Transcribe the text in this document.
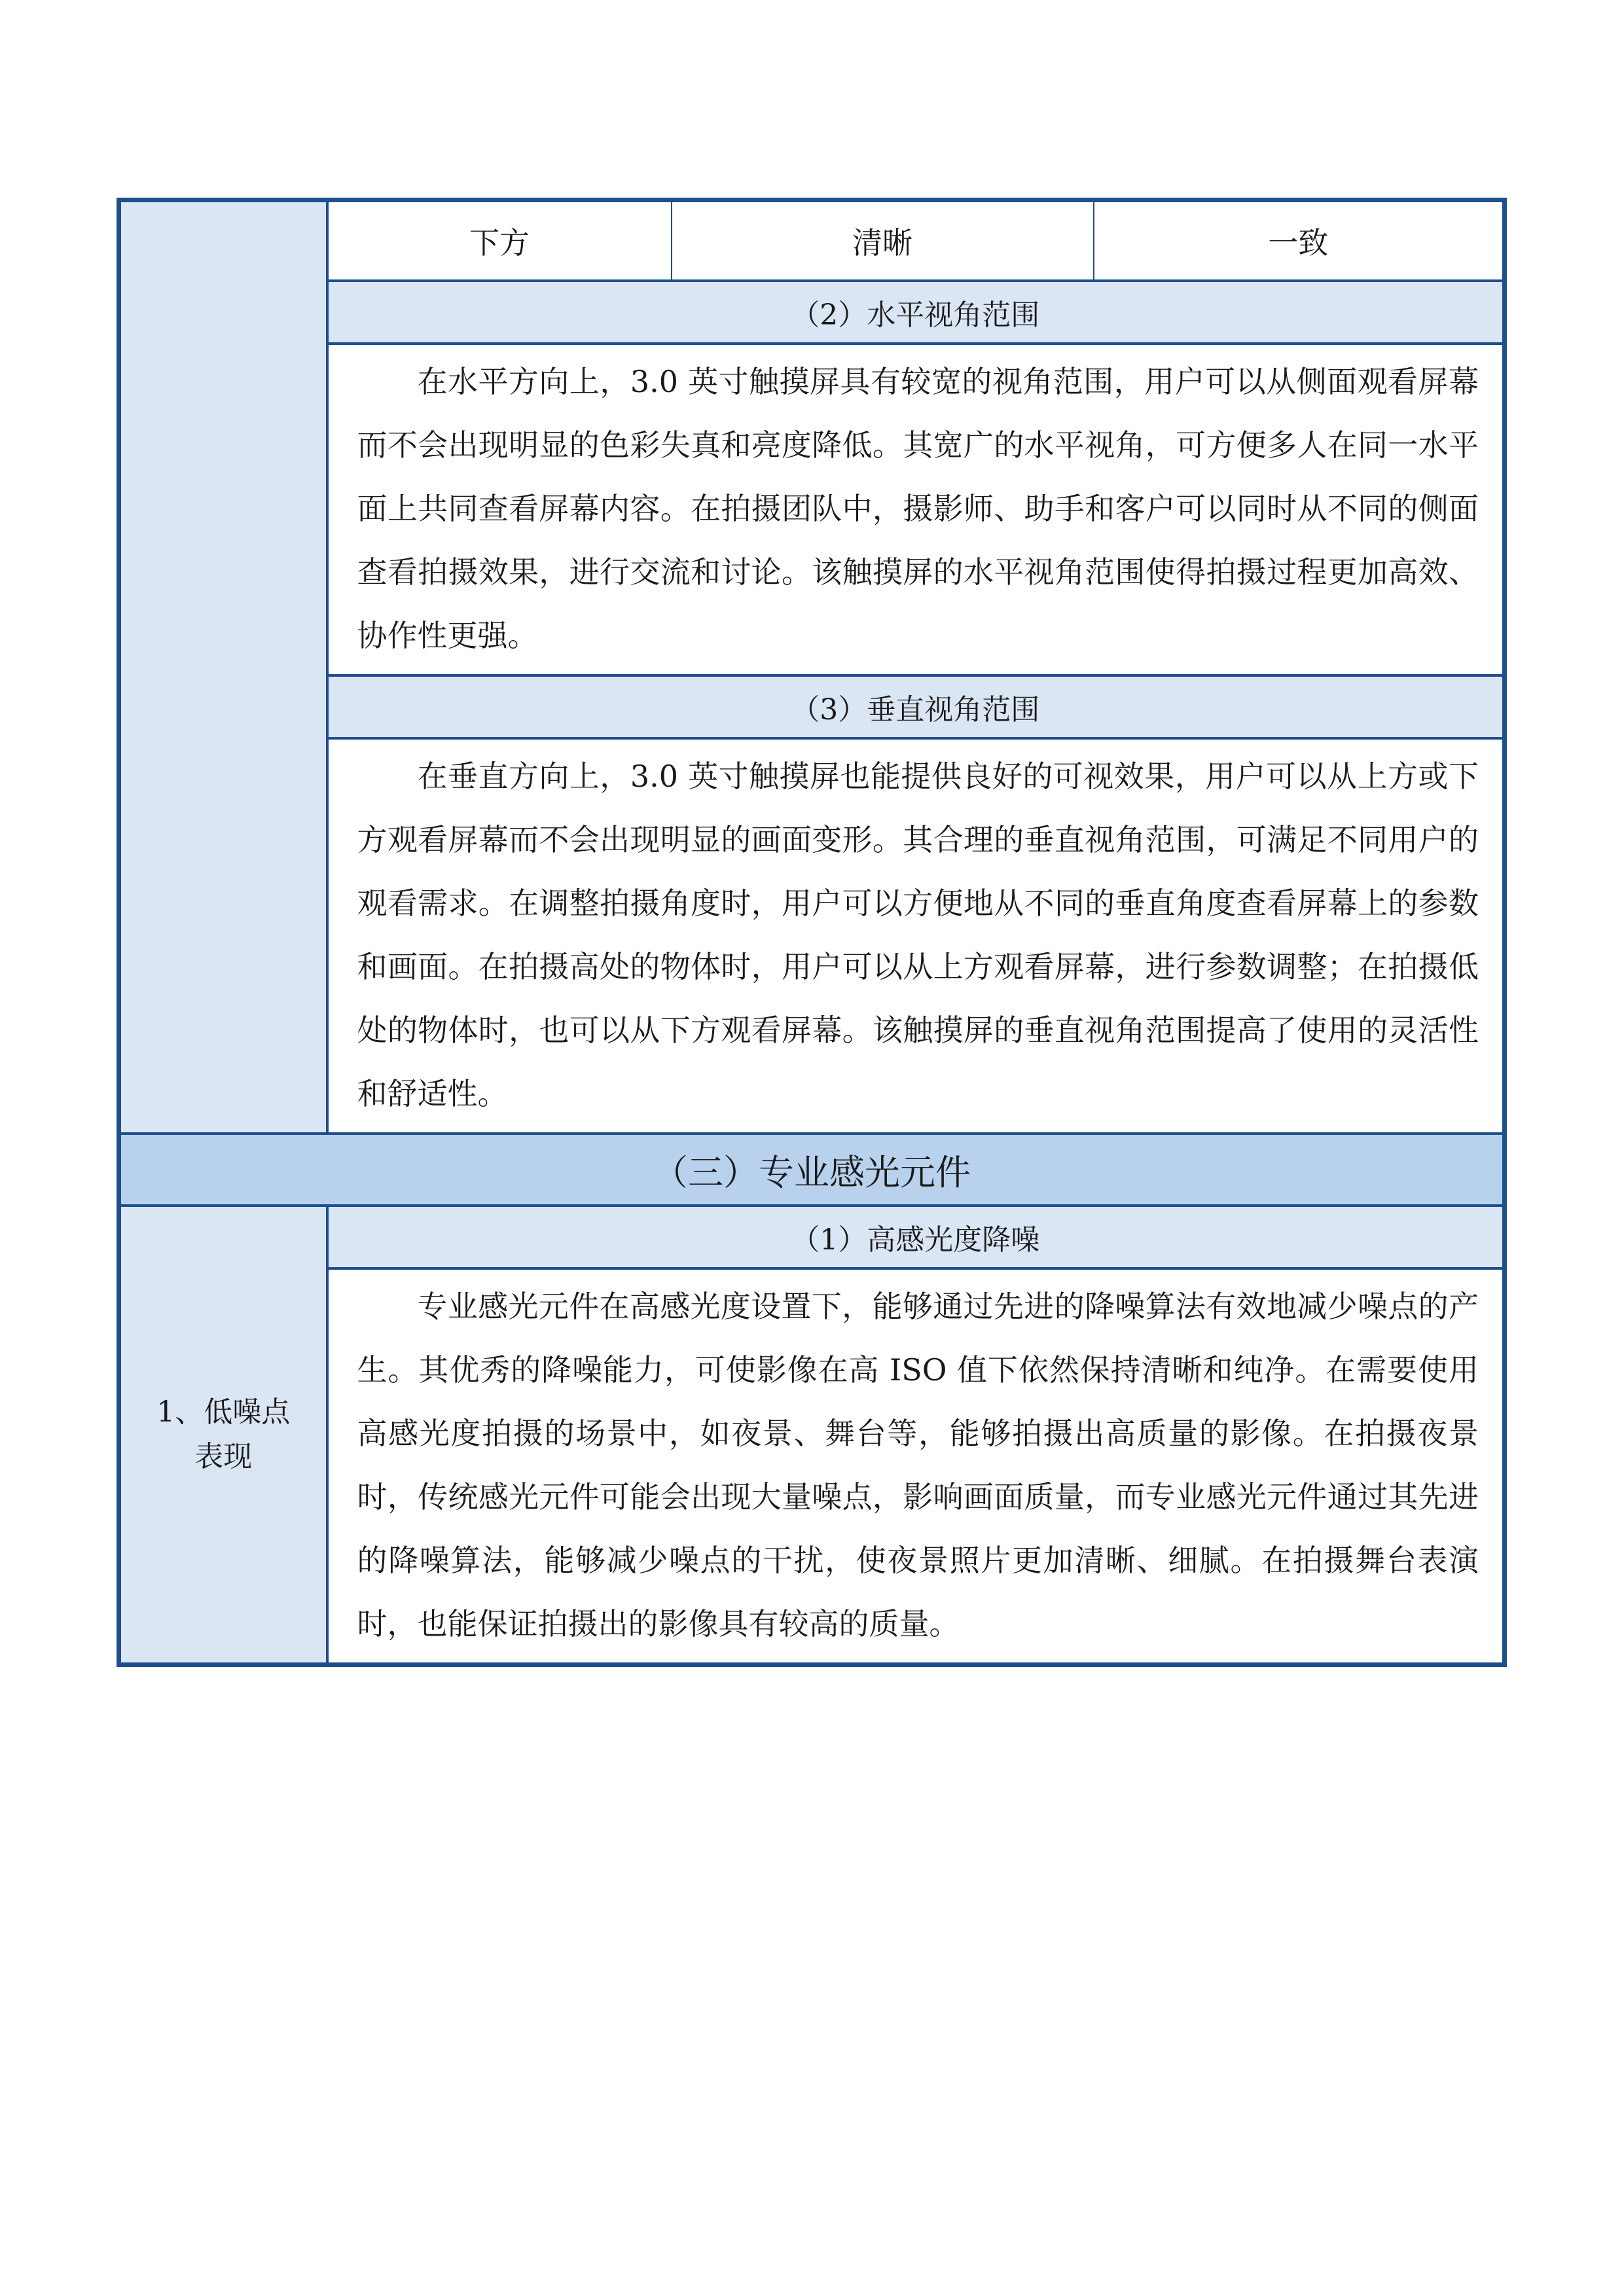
下方	清晰	一致

（2）水平视角范围
在水平方向上，3.0 英寸触摸屏具有较宽的视角范围，用户可以从侧面观看屏幕而不会出现明显的色彩失真和亮度降低。其宽广的水平视角，可方便多人在同一水平面上共同查看屏幕内容。在拍摄团队中，摄影师、助手和客户可以同时从不同的侧面查看拍摄效果，进行交流和讨论。该触摸屏的水平视角范围使得拍摄过程更加高效、协作性更强。
（3）垂直视角范围
在垂直方向上，3.0 英寸触摸屏也能提供良好的可视效果，用户可以从上方或下方观看屏幕而不会出现明显的画面变形。其合理的垂直视角范围，可满足不同用户的观看需求。在调整拍摄角度时，用户可以方便地从不同的垂直角度查看屏幕上的参数和画面。在拍摄高处的物体时，用户可以从上方观看屏幕，进行参数调整；在拍摄低处的物体时，也可以从下方观看屏幕。该触摸屏的垂直视角范围提高了使用的灵活性和舒适性。
（三）专业感光元件

1、低噪点
表现
	（1）高感光度降噪
专业感光元件在高感光度设置下，能够通过先进的降噪算法有效地减少噪点的产生。其优秀的降噪能力，可使影像在高 ISO 值下依然保持清晰和纯净。在需要使用高感光度拍摄的场景中，如夜景、舞台等，能够拍摄出高质量的影像。在拍摄夜景时，传统感光元件可能会出现大量噪点，影响画面质量，而专业感光元件通过其先进的降噪算法，能够减少噪点的干扰，使夜景照片更加清晰、细腻。在拍摄舞台表演时，也能保证拍摄出的影像具有较高的质量。
